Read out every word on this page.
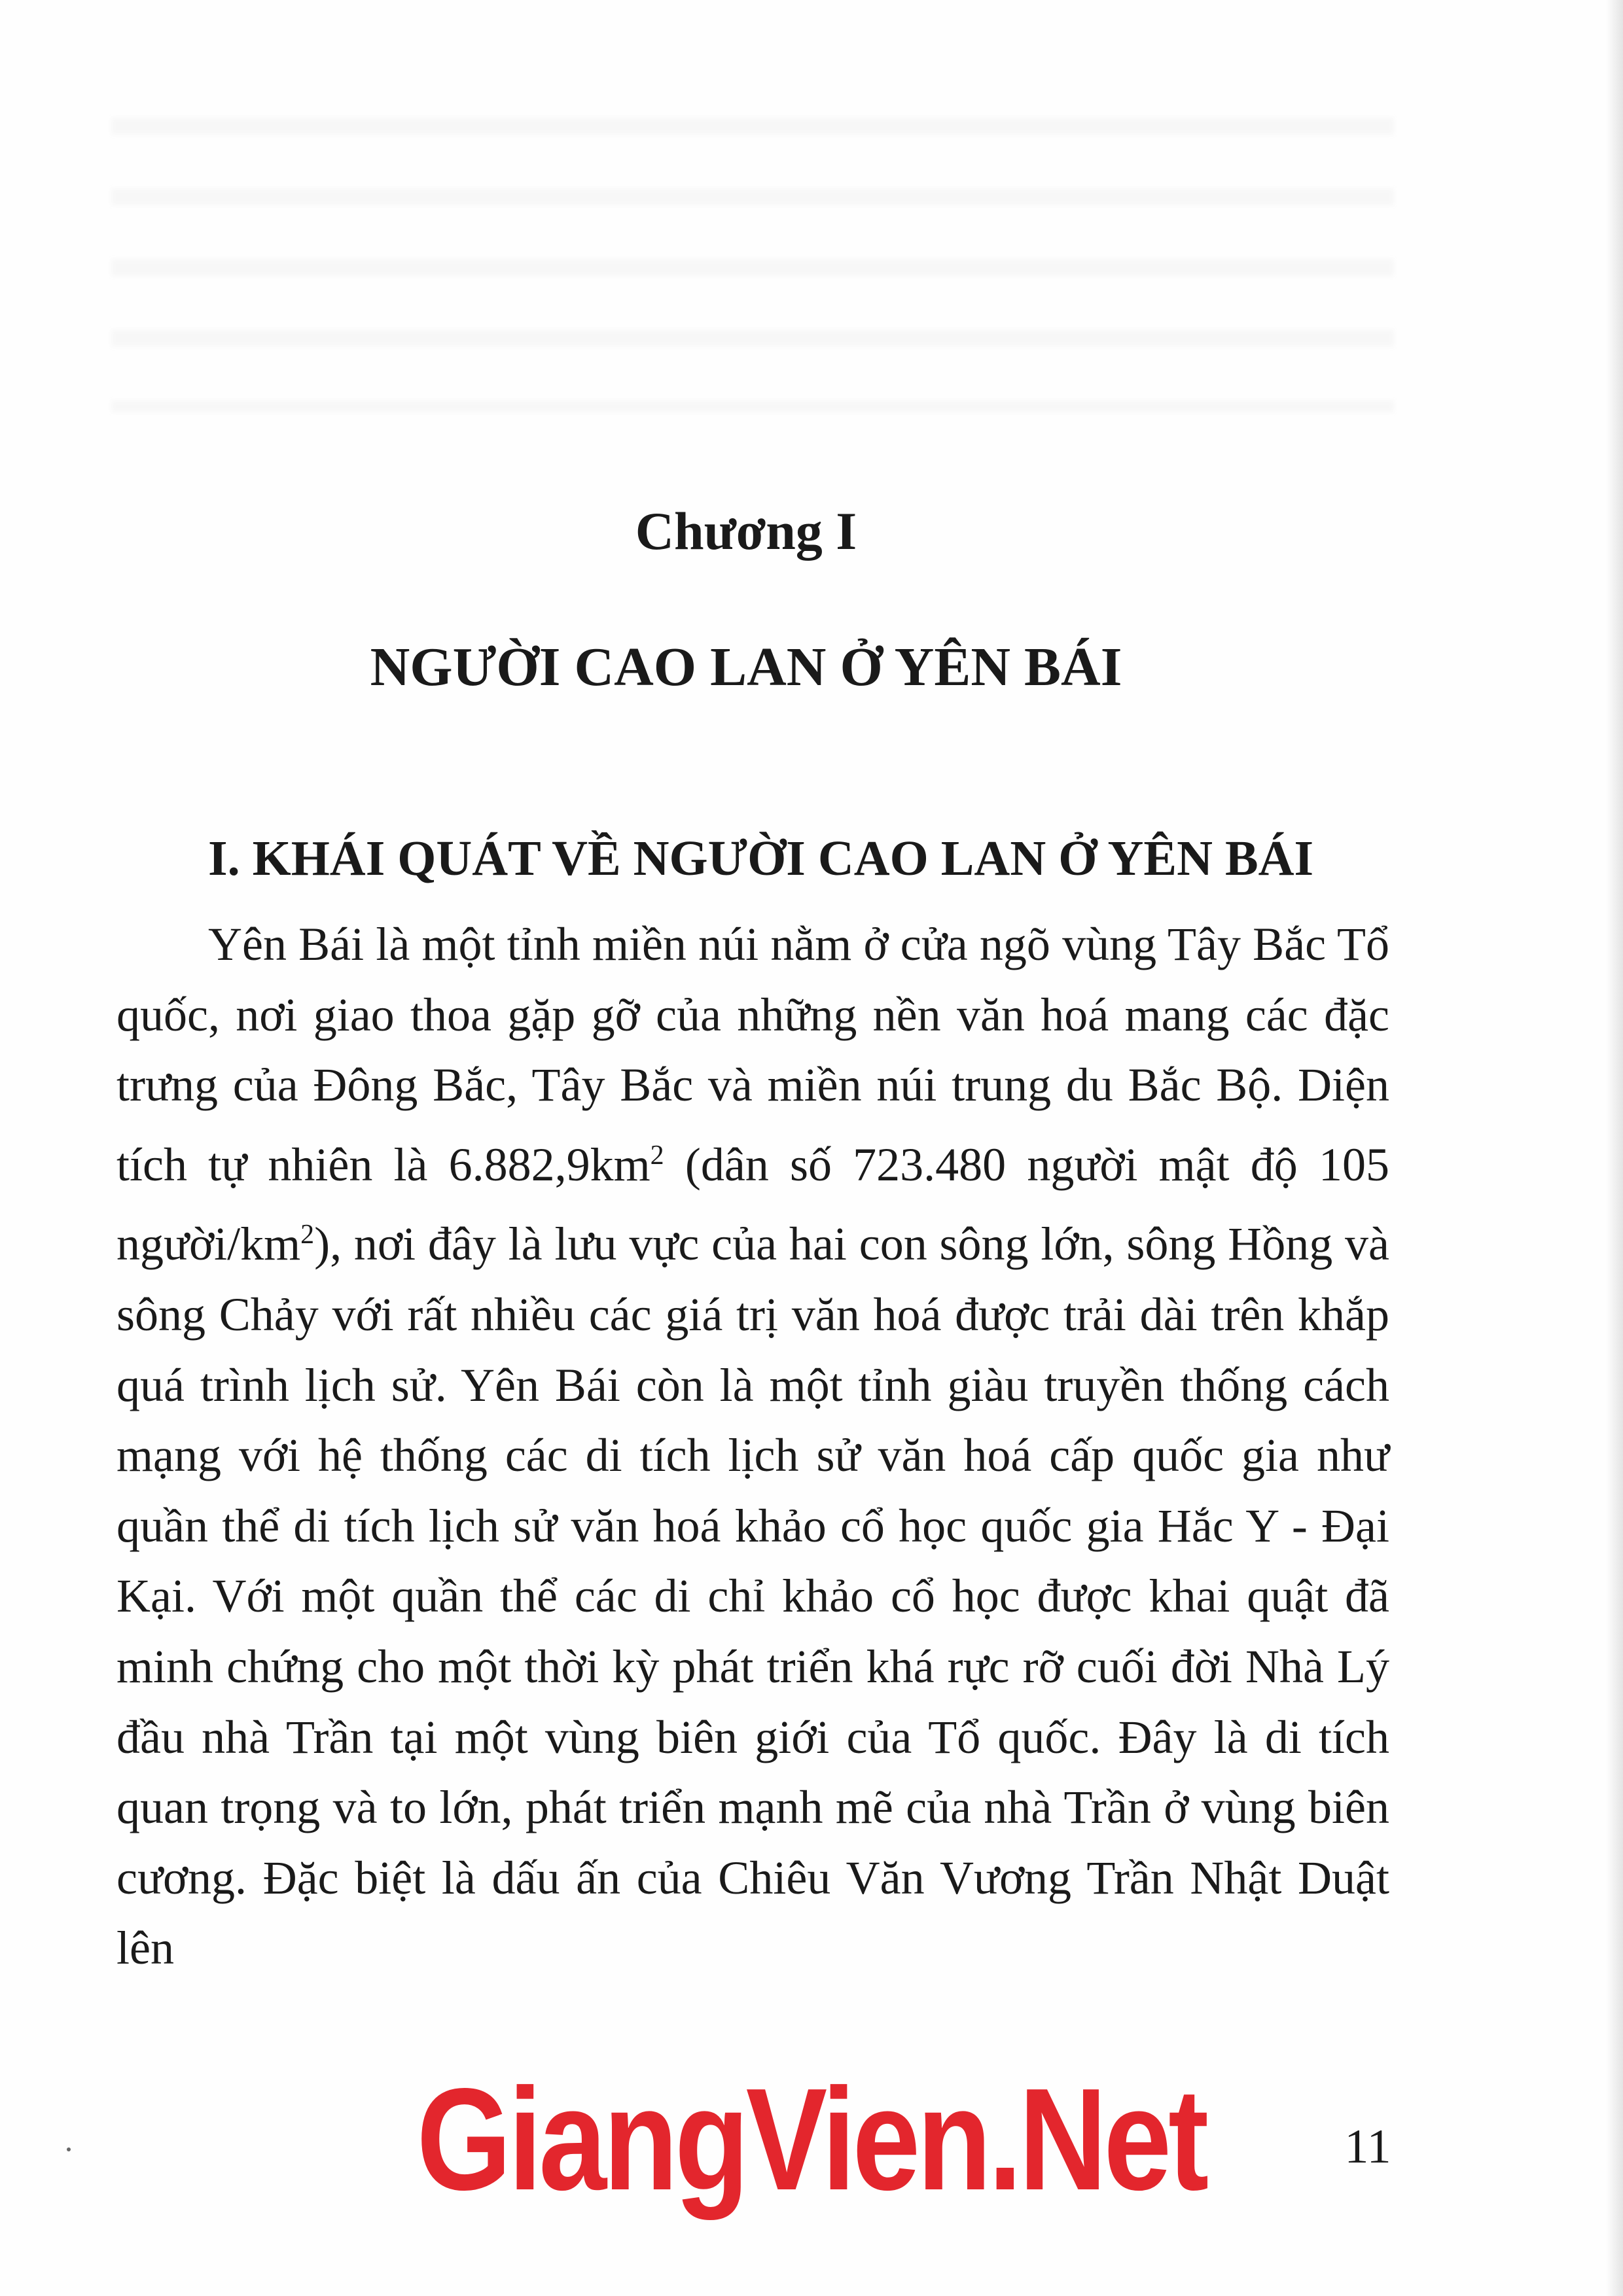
Chương I
NGƯỜI CAO LAN Ở YÊN BÁI
I. KHÁI QUÁT VỀ NGƯỜI CAO LAN Ở YÊN BÁI

Yên Bái là một tỉnh miền núi nằm ở cửa ngõ vùng Tây Bắc Tổ quốc, nơi giao thoa gặp gỡ của những nền văn hoá mang các đặc trưng của Đông Bắc, Tây Bắc và miền núi trung du Bắc Bộ. Diện tích tự nhiên là $6.882,9km^2$ (dân số 723.480 người mật độ 105 người/$km^2$), nơi đây là lưu vực của hai con sông lớn, sông Hồng và sông Chảy với rất nhiều các giá trị văn hoá được trải dài trên khắp quá trình lịch sử. Yên Bái còn là một tỉnh giàu truyền thống cách mạng với hệ thống các di tích lịch sử văn hoá cấp quốc gia như quần thể di tích lịch sử văn hoá khảo cổ học quốc gia Hắc Y - Đại Kại. Với một quần thể các di chỉ khảo cổ học được khai quật đã minh chứng cho một thời kỳ phát triển khá rực rỡ cuối đời Nhà Lý đầu nhà Trần tại một vùng biên giới của Tổ quốc. Đây là di tích quan trọng và to lớn, phát triển mạnh mẽ của nhà Trần ở vùng biên cương. Đặc biệt là dấu ấn của Chiêu Văn Vương Trần Nhật Duật lên

GiangVien.Net	11
